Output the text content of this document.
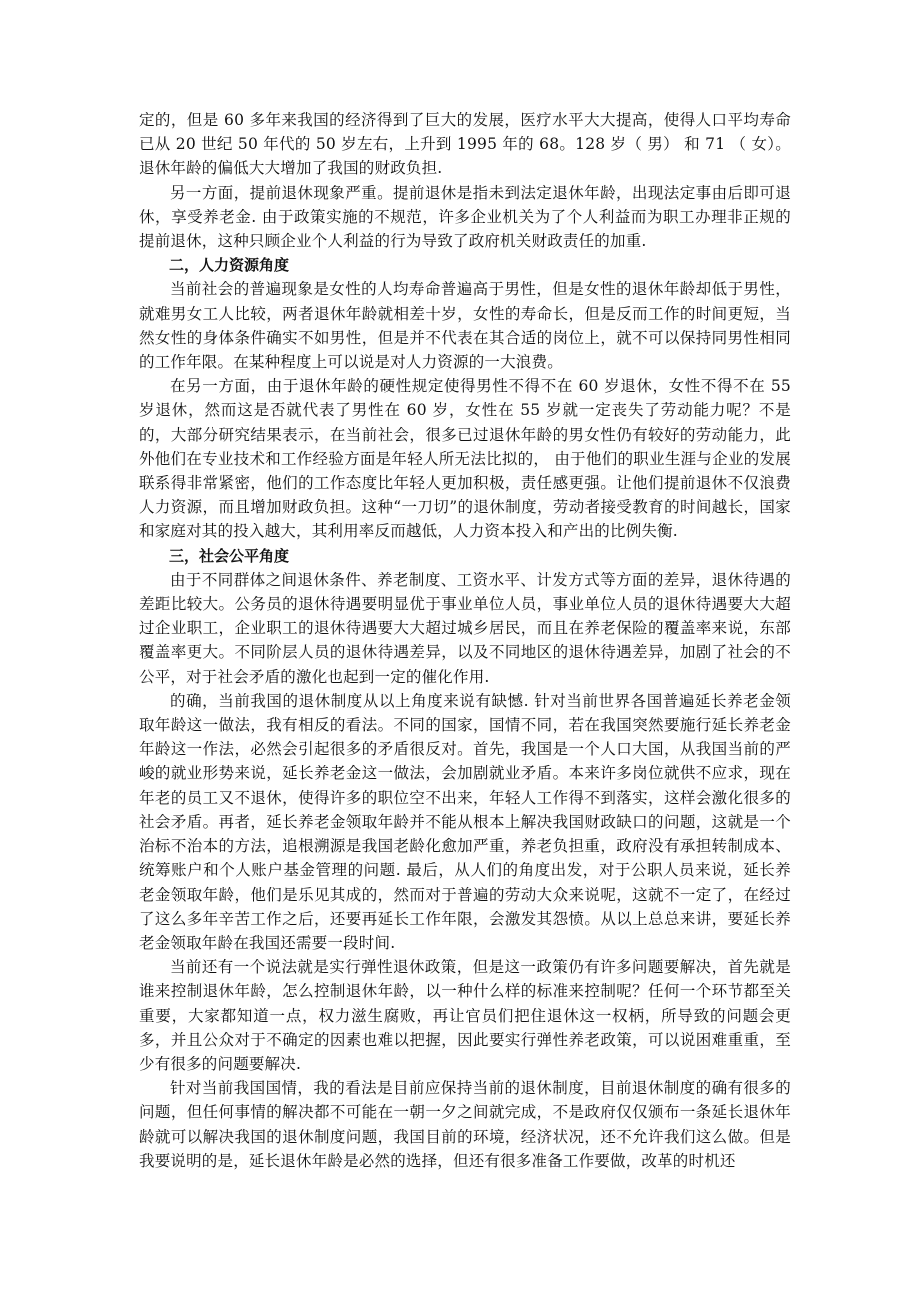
定的，但是 60 多年来我国的经济得到了巨大的发展，医疗水平大大提高，使得人口平均寿命已从 20 世纪 50 年代的 50 岁左右，上升到 1995 年的 68。128 岁（ 男） 和 71 （ 女）。退休年龄的偏低大大增加了我国的财政负担.

另一方面，提前退休现象严重。提前退休是指未到法定退休年龄，出现法定事由后即可退休，享受养老金. 由于政策实施的不规范，许多企业机关为了个人利益而为职工办理非正规的提前退休，这种只顾企业个人利益的行为导致了政府机关财政责任的加重.

二，人力资源角度

当前社会的普遍现象是女性的人均寿命普遍高于男性，但是女性的退休年龄却低于男性，就难男女工人比较，两者退休年龄就相差十岁，女性的寿命长，但是反而工作的时间更短，当然女性的身体条件确实不如男性，但是并不代表在其合适的岗位上，就不可以保持同男性相同的工作年限。在某种程度上可以说是对人力资源的一大浪费。

在另一方面，由于退休年龄的硬性规定使得男性不得不在 60 岁退休，女性不得不在 55 岁退休，然而这是否就代表了男性在 60 岁，女性在 55 岁就一定丧失了劳动能力呢？不是的，大部分研究结果表示，在当前社会，很多已过退休年龄的男女性仍有较好的劳动能力，此外他们在专业技术和工作经验方面是年轻人所无法比拟的， 由于他们的职业生涯与企业的发展联系得非常紧密，他们的工作态度比年轻人更加积极，责任感更强。让他们提前退休不仅浪费人力资源，而且增加财政负担。这种“一刀切”的退休制度，劳动者接受教育的时间越长，国家和家庭对其的投入越大，其利用率反而越低，人力资本投入和产出的比例失衡.

三，社会公平角度

由于不同群体之间退休条件、养老制度、工资水平、计发方式等方面的差异，退休待遇的差距比较大。公务员的退休待遇要明显优于事业单位人员，事业单位人员的退休待遇要大大超过企业职工，企业职工的退休待遇要大大超过城乡居民，而且在养老保险的覆盖率来说，东部覆盖率更大。不同阶层人员的退休待遇差异，以及不同地区的退休待遇差异，加剧了社会的不公平，对于社会矛盾的激化也起到一定的催化作用.

的确，当前我国的退休制度从以上角度来说有缺憾. 针对当前世界各国普遍延长养老金领取年龄这一做法，我有相反的看法。不同的国家，国情不同，若在我国突然要施行延长养老金年龄这一作法，必然会引起很多的矛盾很反对。首先，我国是一个人口大国，从我国当前的严峻的就业形势来说，延长养老金这一做法，会加剧就业矛盾。本来许多岗位就供不应求，现在年老的员工又不退休，使得许多的职位空不出来，年轻人工作得不到落实，这样会激化很多的社会矛盾。再者，延长养老金领取年龄并不能从根本上解决我国财政缺口的问题，这就是一个治标不治本的方法，追根溯源是我国老龄化愈加严重，养老负担重，政府没有承担转制成本、统筹账户和个人账户基金管理的问题. 最后，从人们的角度出发，对于公职人员来说，延长养老金领取年龄，他们是乐见其成的，然而对于普遍的劳动大众来说呢，这就不一定了，在经过了这么多年辛苦工作之后，还要再延长工作年限，会激发其怨愤。从以上总总来讲，要延长养老金领取年龄在我国还需要一段时间.

当前还有一个说法就是实行弹性退休政策，但是这一政策仍有许多问题要解决，首先就是谁来控制退休年龄，怎么控制退休年龄，以一种什么样的标准来控制呢？任何一个环节都至关重要，大家都知道一点，权力滋生腐败，再让官员们把住退休这一权柄，所导致的问题会更多，并且公众对于不确定的因素也难以把握，因此要实行弹性养老政策，可以说困难重重，至少有很多的问题要解决.

针对当前我国国情，我的看法是目前应保持当前的退休制度，目前退休制度的确有很多的问题，但任何事情的解决都不可能在一朝一夕之间就完成，不是政府仅仅颁布一条延长退休年龄就可以解决我国的退休制度问题，我国目前的环境，经济状况，还不允许我们这么做。但是我要说明的是，延长退休年龄是必然的选择，但还有很多准备工作要做，改革的时机还
